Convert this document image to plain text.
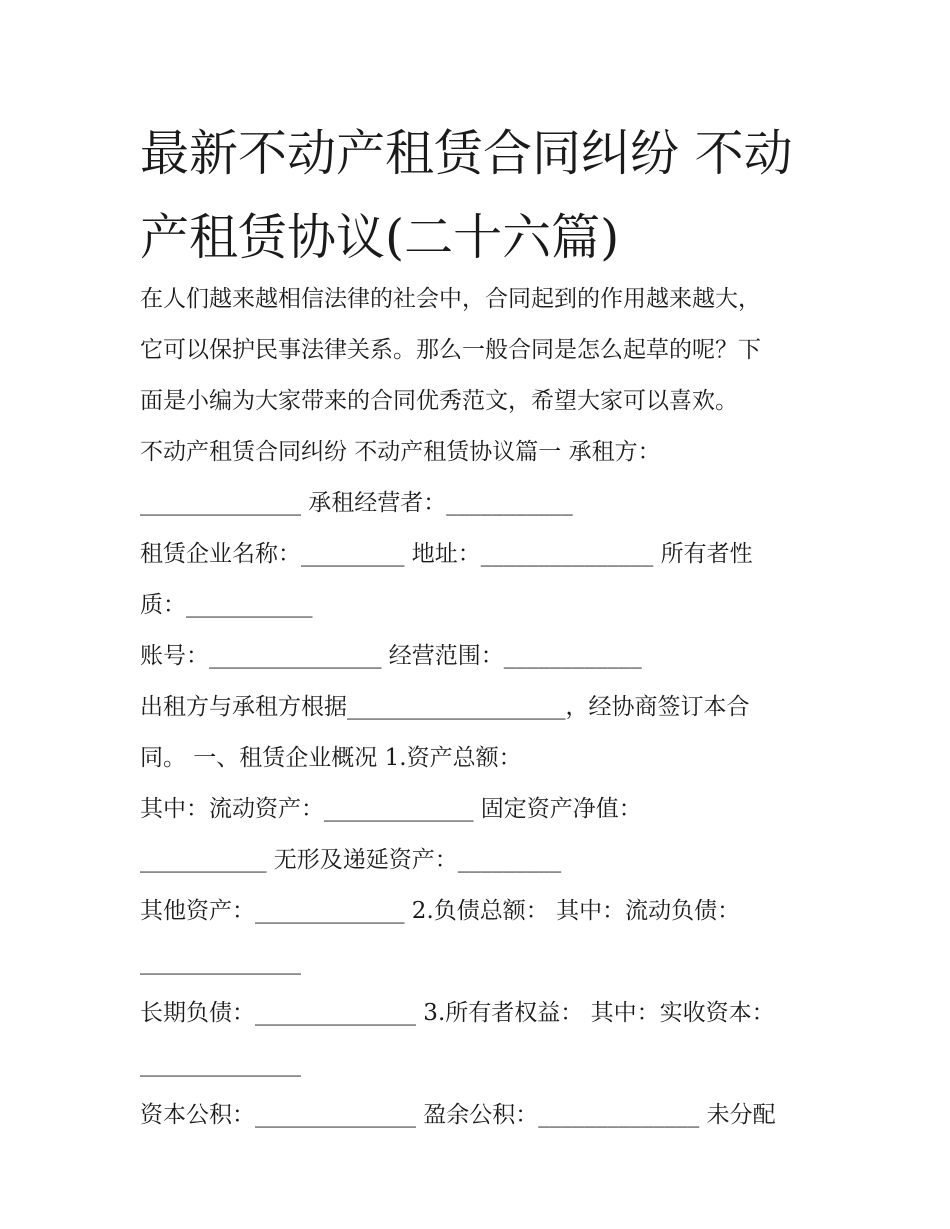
最新不动产租赁合同纠纷 不动
产租赁协议(二十六篇)
在人们越来越相信法律的社会中，合同起到的作用越来越大，
它可以保护民事法律关系。那么一般合同是怎么起草的呢？下
面是小编为大家带来的合同优秀范文，希望大家可以喜欢。
不动产租赁合同纠纷 不动产租赁协议篇一 承租方：
______________ 承租经营者：___________
租赁企业名称：_________ 地址：_______________ 所有者性
质：___________
账号：_______________ 经营范围：____________
出租方与承租方根据___________________，经协商签订本合
同。 一、租赁企业概况 1.资产总额：
其中：流动资产：_____________ 固定资产净值：
___________ 无形及递延资产：_________
其他资产：_____________ 2.负债总额： 其中：流动负债：
______________
长期负债：______________ 3.所有者权益： 其中：实收资本：
______________
资本公积：______________ 盈余公积：______________ 未分配
